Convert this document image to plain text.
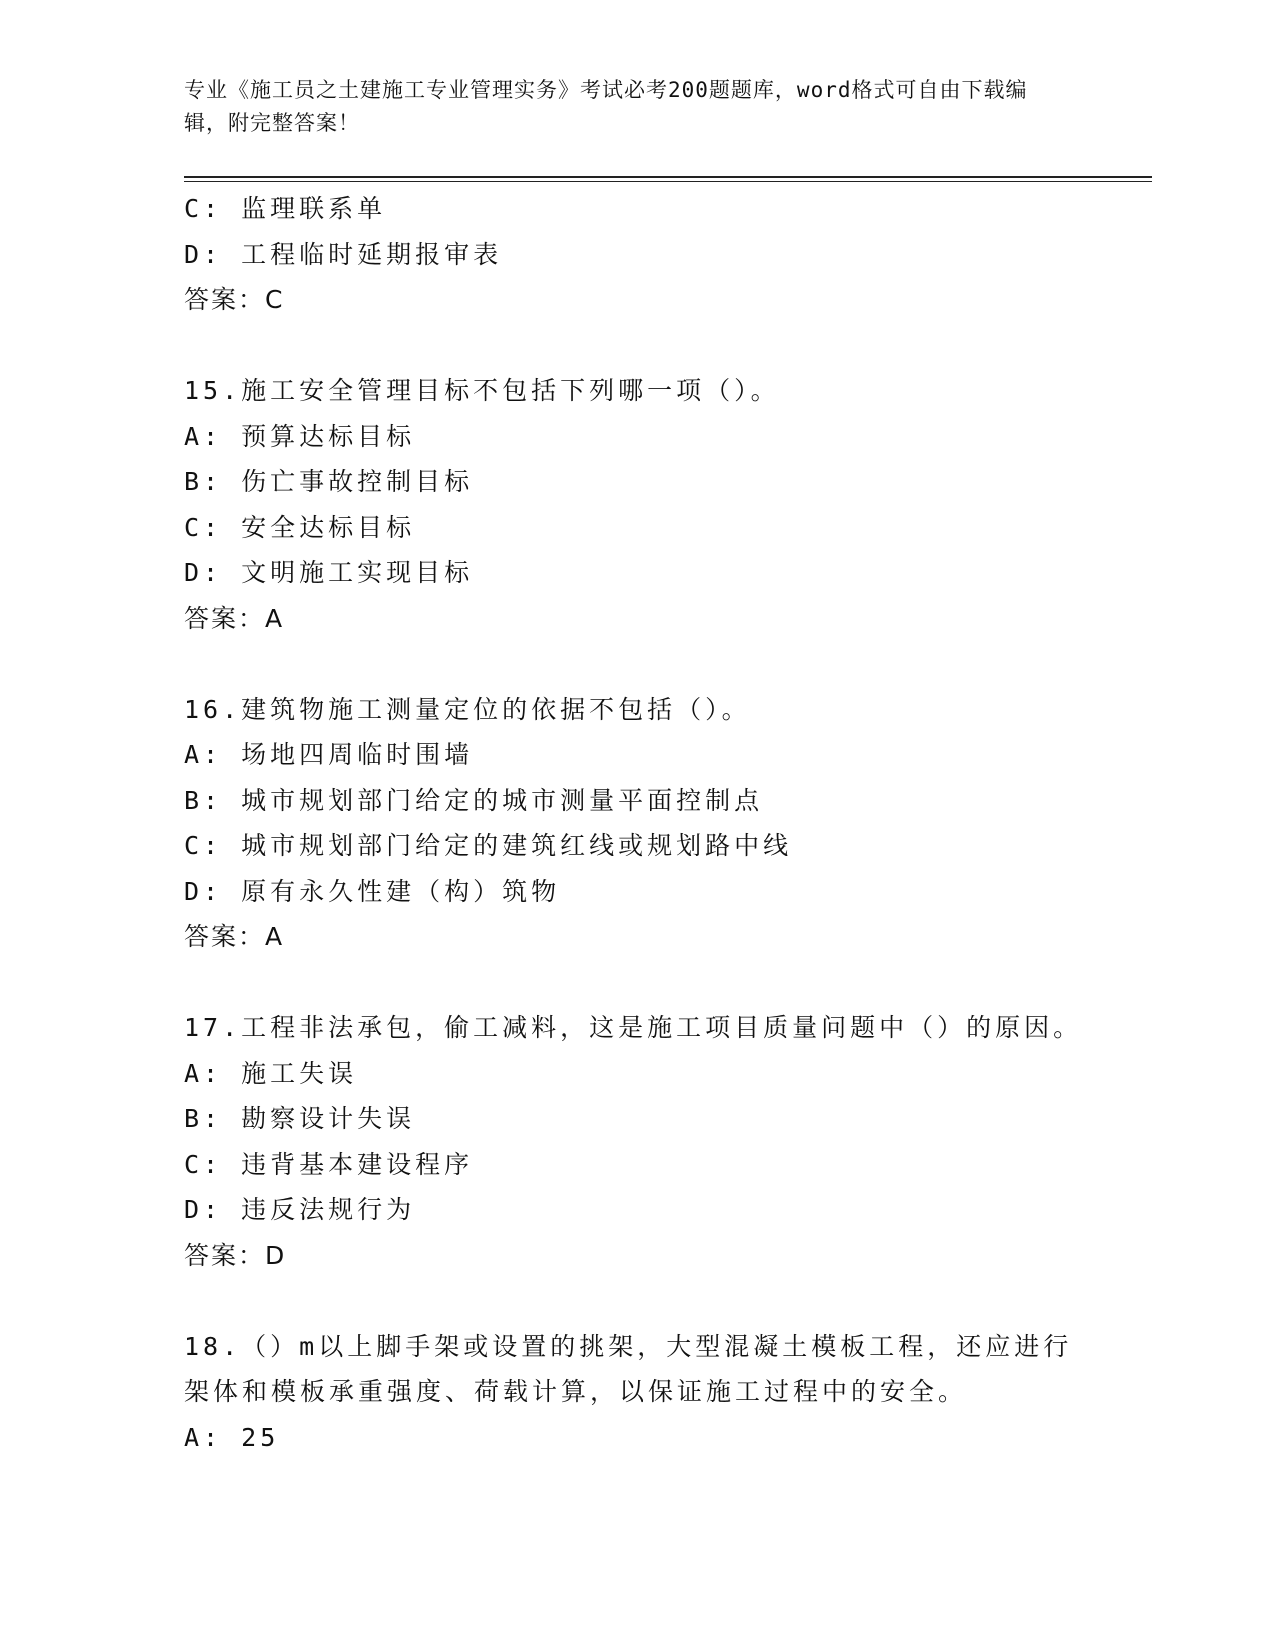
专业《施工员之土建施工专业管理实务》考试必考200题题库，word格式可自由下载编辑，附完整答案！
C: 监理联系单
D: 工程临时延期报审表
答案：C
15.施工安全管理目标不包括下列哪一项（）。
A: 预算达标目标
B: 伤亡事故控制目标
C: 安全达标目标
D: 文明施工实现目标
答案：A
16.建筑物施工测量定位的依据不包括（）。
A: 场地四周临时围墙
B: 城市规划部门给定的城市测量平面控制点
C: 城市规划部门给定的建筑红线或规划路中线
D: 原有永久性建（构）筑物
答案：A
17.工程非法承包，偷工减料，这是施工项目质量问题中（）的原因。
A: 施工失误
B: 勘察设计失误
C: 违背基本建设程序
D: 违反法规行为
答案：D
18.（）m以上脚手架或设置的挑架，大型混凝土模板工程，还应进行
架体和模板承重强度、荷载计算，以保证施工过程中的安全。
A: 25
